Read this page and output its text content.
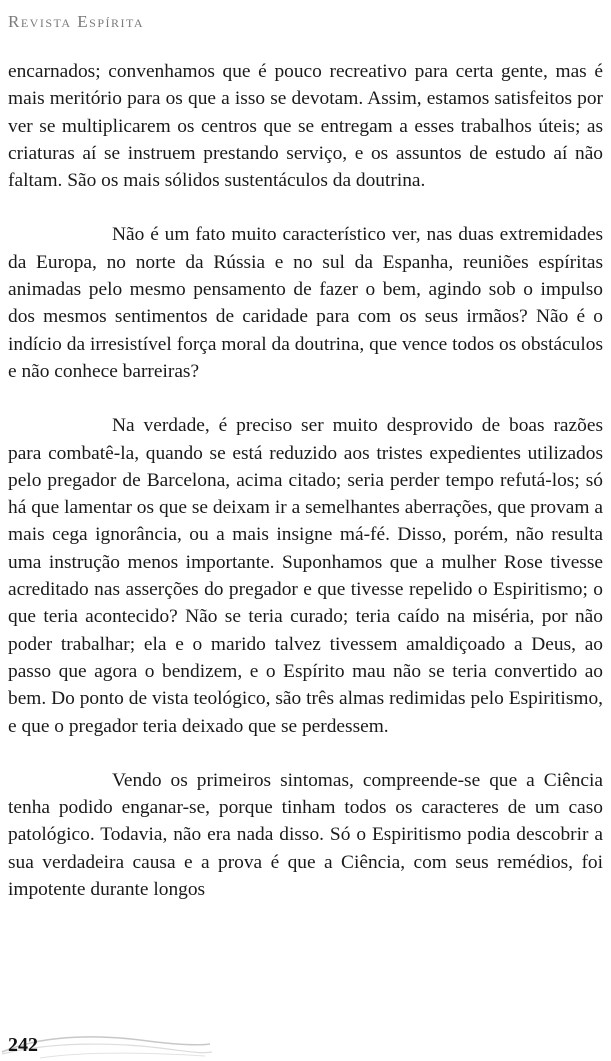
Revista Espírita

encarnados; convenhamos que é pouco recreativo para certa gente, mas é mais meritório para os que a isso se devotam. Assim, estamos satisfeitos por ver se multiplicarem os centros que se entregam a esses trabalhos úteis; as criaturas aí se instruem prestando serviço, e os assuntos de estudo aí não faltam. São os mais sólidos sustentáculos da doutrina.

Não é um fato muito característico ver, nas duas extremidades da Europa, no norte da Rússia e no sul da Espanha, reuniões espíritas animadas pelo mesmo pensamento de fazer o bem, agindo sob o impulso dos mesmos sentimentos de caridade para com os seus irmãos? Não é o indício da irresistível força moral da doutrina, que vence todos os obstáculos e não conhece barreiras?

Na verdade, é preciso ser muito desprovido de boas razões para combatê-la, quando se está reduzido aos tristes expedientes utilizados pelo pregador de Barcelona, acima citado; seria perder tempo refutá-los; só há que lamentar os que se deixam ir a semelhantes aberrações, que provam a mais cega ignorância, ou a mais insigne má-fé. Disso, porém, não resulta uma instrução menos importante. Suponhamos que a mulher Rose tivesse acreditado nas asserções do pregador e que tivesse repelido o Espiritismo; o que teria acontecido? Não se teria curado; teria caído na miséria, por não poder trabalhar; ela e o marido talvez tivessem amaldiçoado a Deus, ao passo que agora o bendizem, e o Espírito mau não se teria convertido ao bem. Do ponto de vista teológico, são três almas redimidas pelo Espiritismo, e que o pregador teria deixado que se perdessem.

Vendo os primeiros sintomas, compreende-se que a Ciência tenha podido enganar-se, porque tinham todos os caracteres de um caso patológico. Todavia, não era nada disso. Só o Espiritismo podia descobrir a sua verdadeira causa e a prova é que a Ciência, com seus remédios, foi impotente durante longos

242
